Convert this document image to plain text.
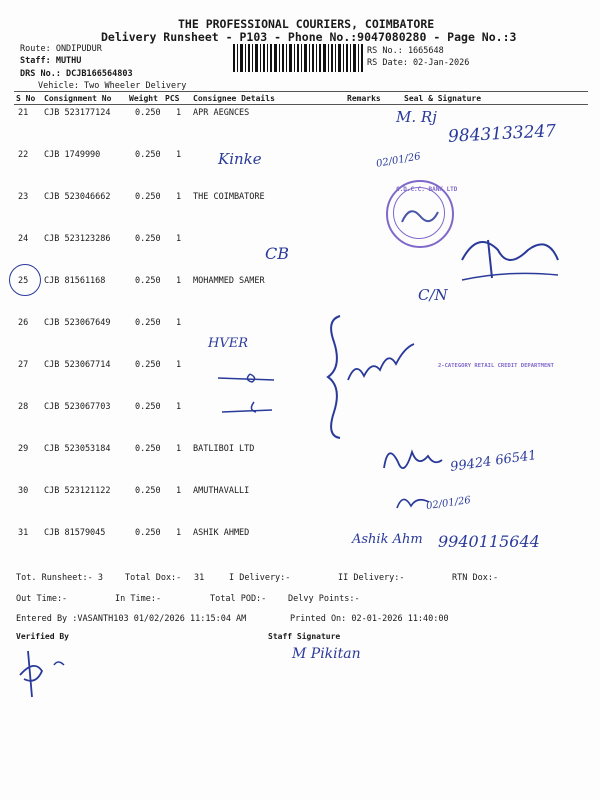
THE PROFESSIONAL COURIERS, COIMBATORE
Delivery Runsheet - P103 - Phone No.:9047080280 - Page No.:3
Route: ONDIPUDUR
Staff: MUTHU
DRS No.: DCJB166564803
Vehicle: Two Wheeler Delivery
RS No.: 1665648
RS Date: 02-Jan-2026
S No Consignment No Weight PCS Consignee Details	Remarks	Seal & Signature
21 CJB 523177124	0.250 1 APR AEGNCES
22 CJB 1749990	0.250 1
23 CJB 523046662	0.250 1 THE COIMBATORE
24 CJB 523123286	0.250 1
25 CJB 81561168	0.250 1 MOHAMMED SAMER
26 CJB 523067649	0.250 1
27 CJB 523067714	0.250 1
28 CJB 523067703	0.250 1
29 CJB 523053184	0.250 1 BATLIBOI LTD
30 CJB 523121122	0.250 1 AMUTHAVALLI
31 CJB 81579045	0.250 1 ASHIK AHMED
Tot. Runsheet:- 3	Total Dox:- 31	I Delivery:-	II Delivery:-	RTN Dox:-
Out Time:-	In Time:-	Total POD:-	Delvy Points:-
Entered By :VASANTH103 01/02/2026 11:15:04 AM	Printed On: 02-01-2026 11:40:00
Verified By	Staff Signature
M. Rj
9843133247
Kinke	02/01/26
C.D.C.C. BANK LTD
CB
C/N
HVER
2-CATEGORY RETAIL CREDIT DEPARTMENT
99424 66541
02/01/26
Ashik Ahm 9940115644
M Pikitan
